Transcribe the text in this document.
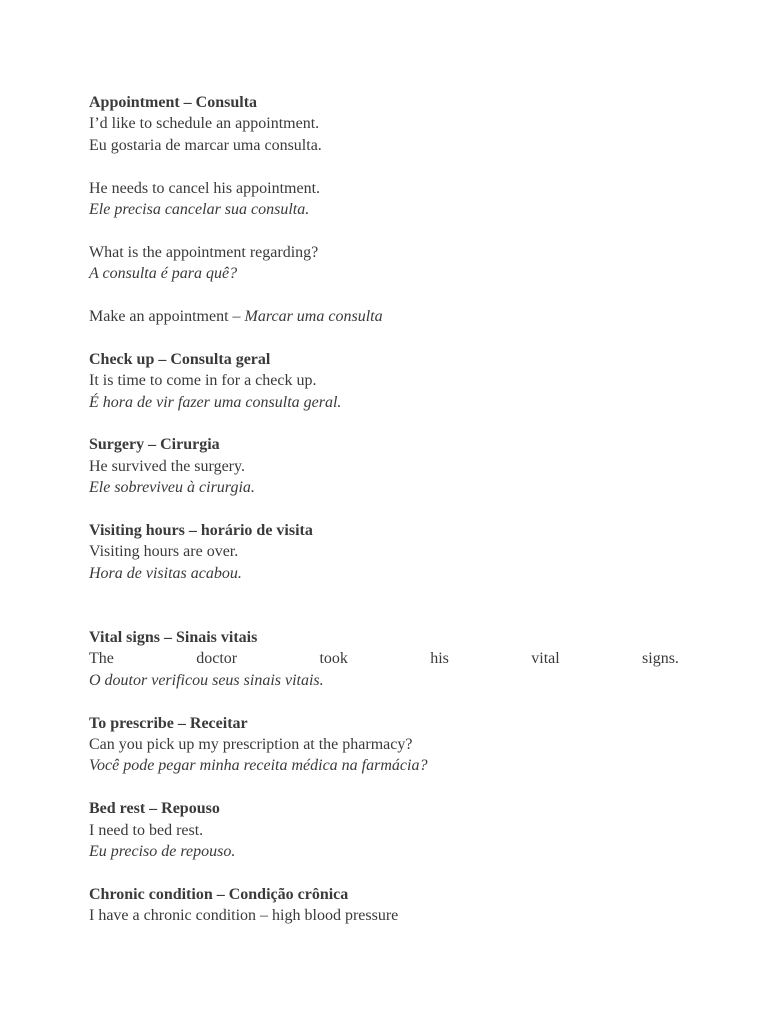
Appointment – Consulta
I’d like to schedule an appointment.
Eu gostaria de marcar uma consulta.
He needs to cancel his appointment.
Ele precisa cancelar sua consulta.
What is the appointment regarding?
A consulta é para quê?
Make an appointment – Marcar uma consulta
Check up – Consulta geral
It is time to come in for a check up.
É hora de vir fazer uma consulta geral.
Surgery – Cirurgia
He survived the surgery.
Ele sobreviveu à cirurgia.
Visiting hours – horário de visita
Visiting hours are over.
Hora de visitas acabou.
Vital signs – Sinais vitais
The	doctor	took	his	vital	signs.
O doutor verificou seus sinais vitais.
To prescribe – Receitar
Can you pick up my prescription at the pharmacy?
Você pode pegar minha receita médica na farmácia?
Bed rest – Repouso
I need to bed rest.
Eu preciso de repouso.
Chronic condition – Condição crônica
I have a chronic condition – high blood pressure
